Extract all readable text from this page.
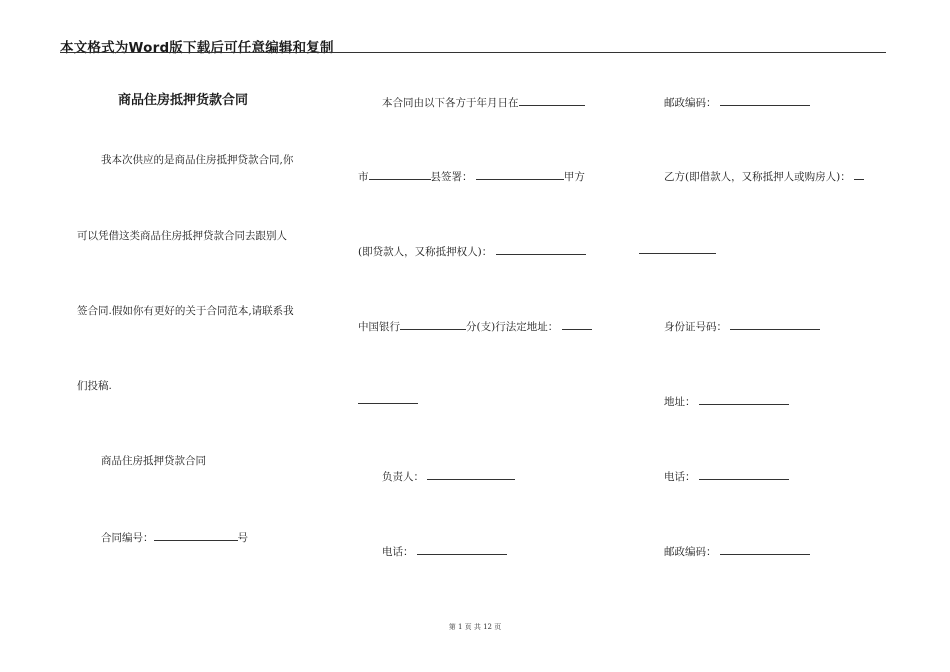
本文格式为Word版下载后可任意编辑和复制
商品住房抵押货款合同
我本次供应的是商品住房抵押贷款合同,你
可以凭借这类商品住房抵押贷款合同去跟别人
签合同.假如你有更好的关于合同范本,请联系我
们投稿.
商品住房抵押贷款合同
合同编号：	号
本合同由以下各方于年月日在
市	县签署：	甲方
(即贷款人，又称抵押权人)：
中国银行	分(支)行法定地址：
负责人：
电话：
邮政编码：
乙方(即借款人，又称抵押人或购房人)：
身份证号码：
地址：
电话：
邮政编码：
第 1 页 共 12 页
